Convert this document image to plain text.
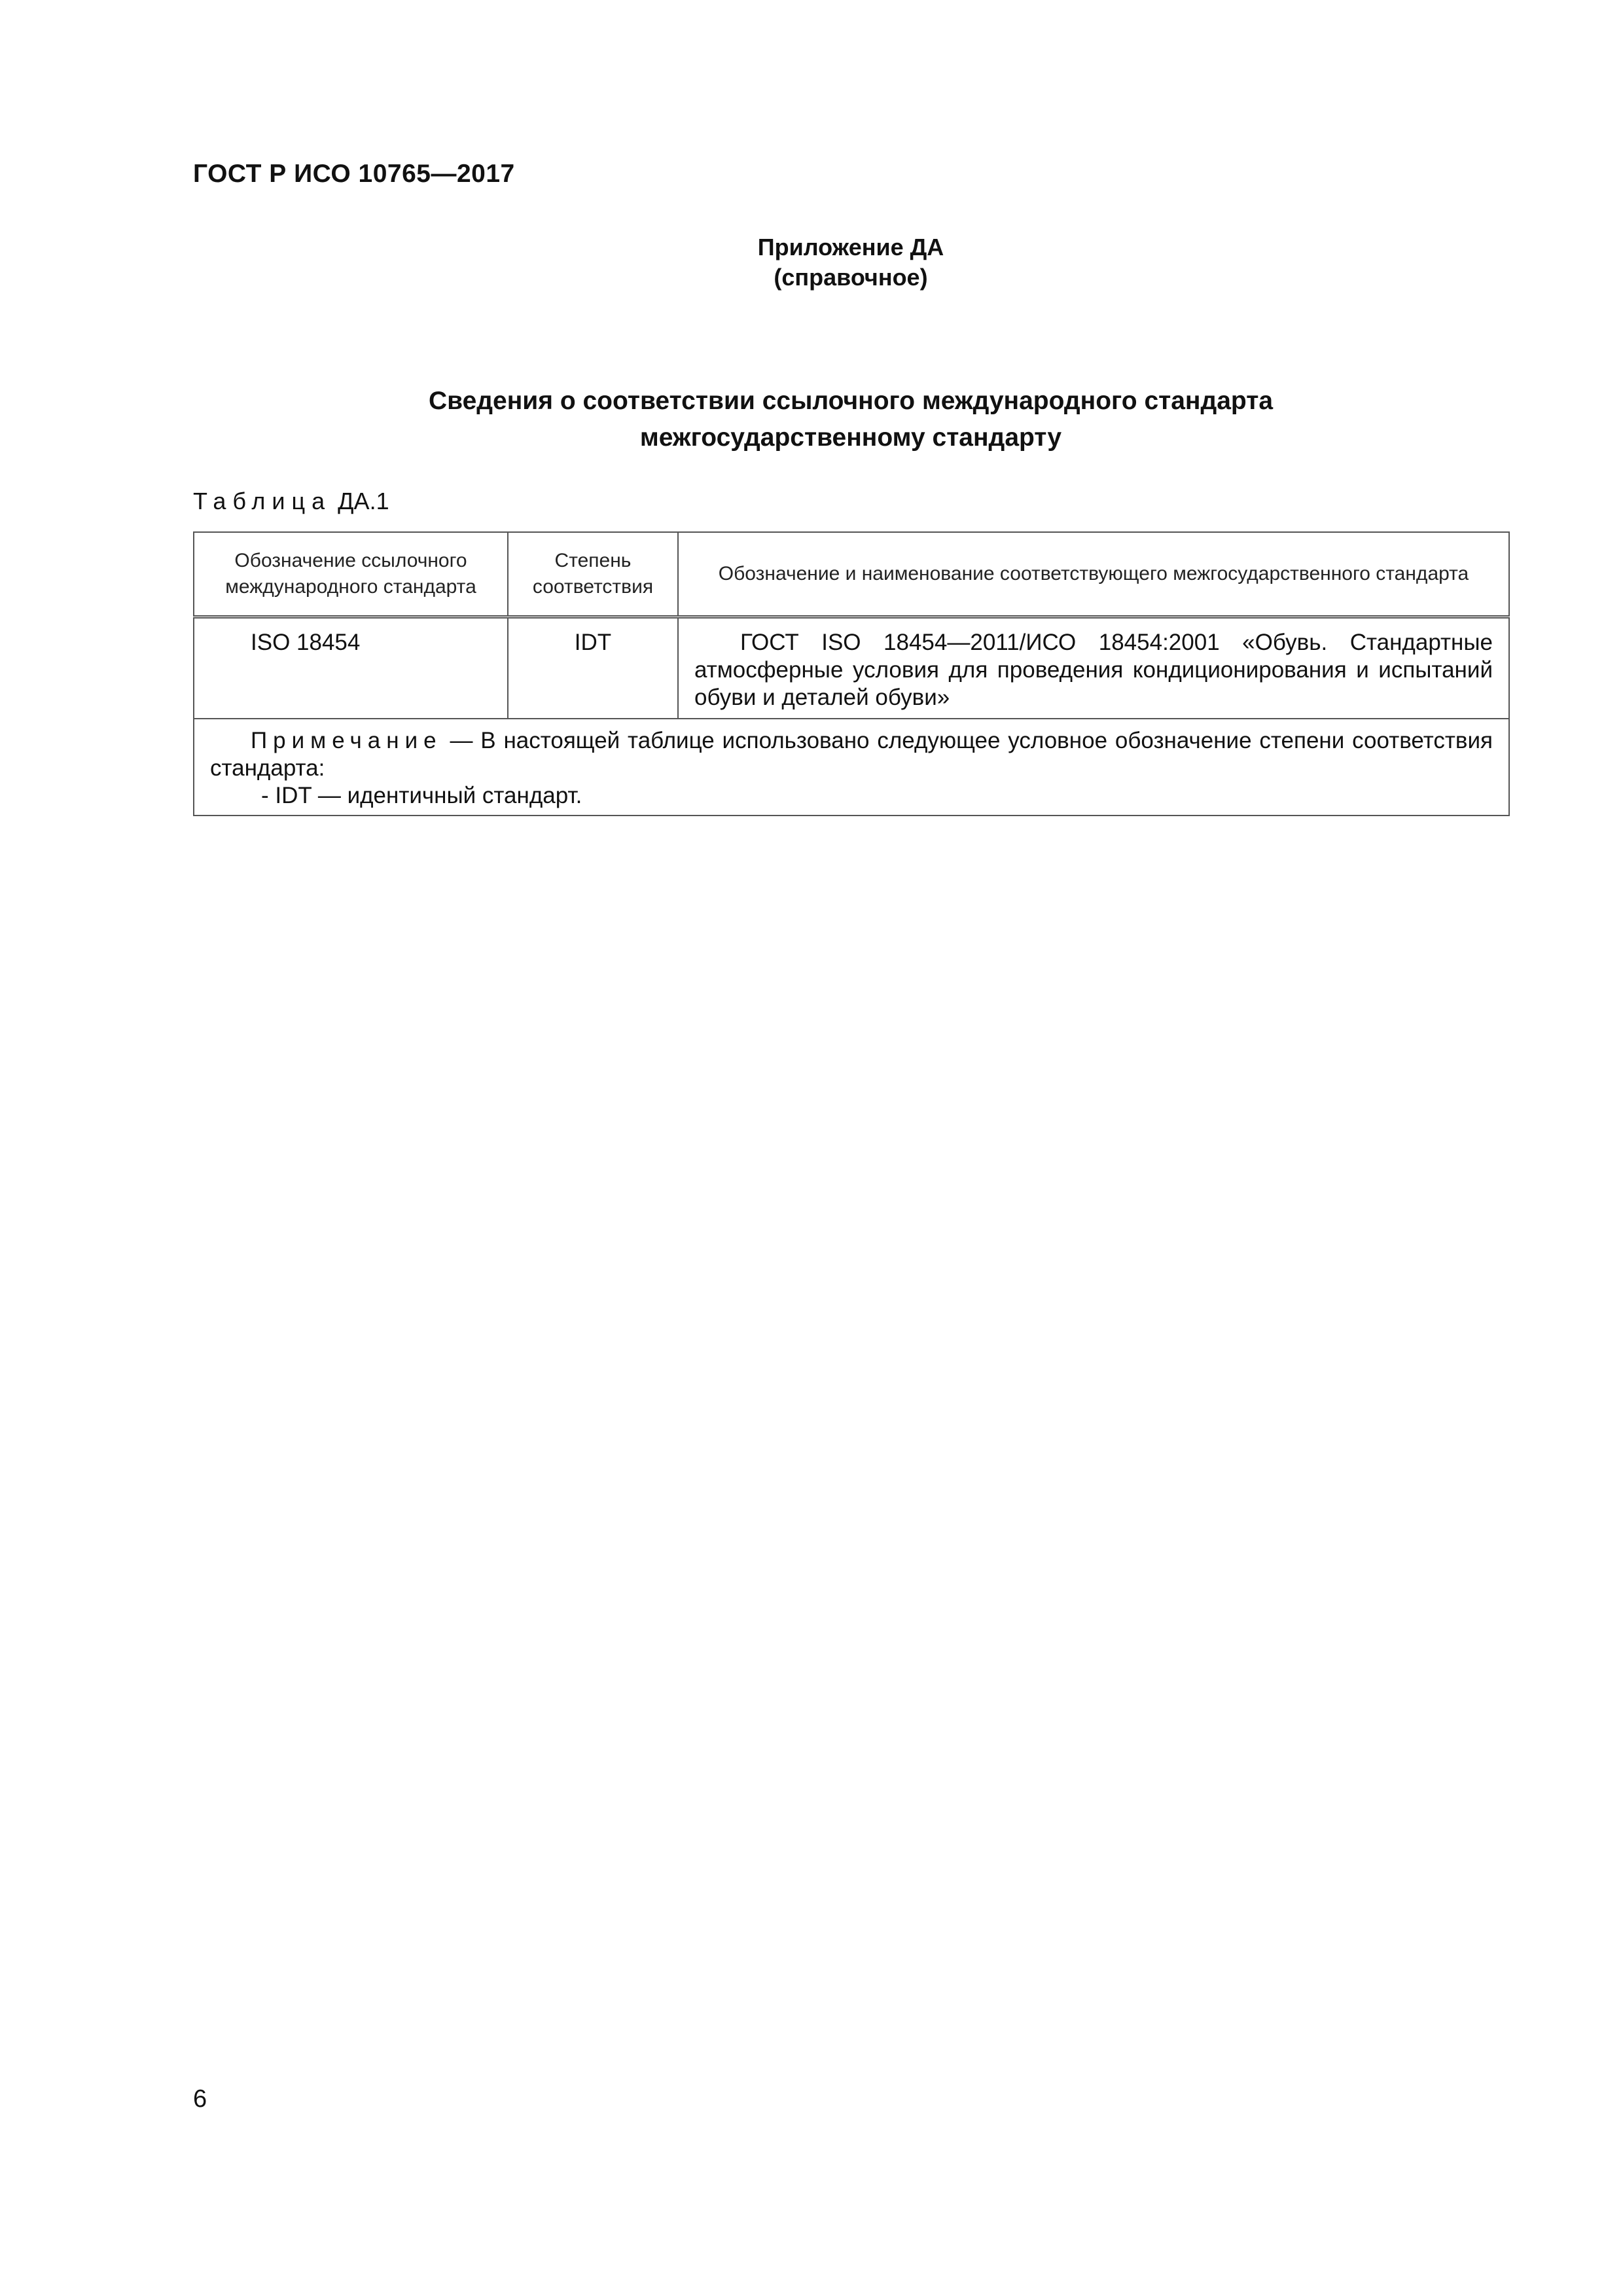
ГОСТ Р ИСО 10765—2017
Приложение ДА
(справочное)
Сведения о соответствии ссылочного международного стандарта
межгосударственному стандарту
Таблица ДА.1
Обозначение ссылочного международного стандарта	Степень соответствия	Обозначение и наименование соответствующего межгосударственного стандарта

ISO 18454	IDT	ГОСТ ISO 18454—2011/ИСО 18454:2001 «Обувь. Стандартные атмосферные условия для проведения кондиционирования и испытаний обуви и деталей обуви»

Примечание — В настоящей таблице использовано следующее условное обозначение степени соответствия стандарта:
- IDT — идентичный стандарт.		
6
